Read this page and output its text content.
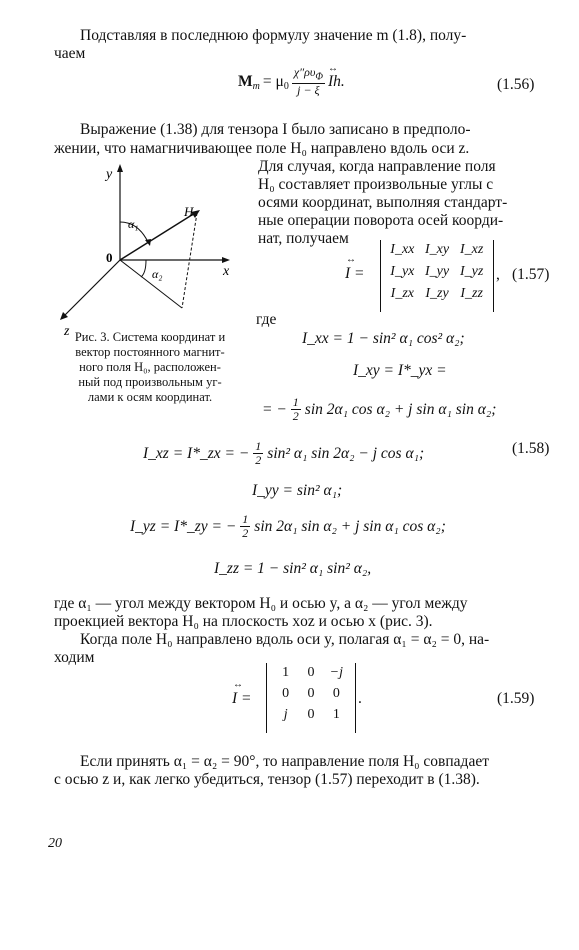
Подставляя в последнюю формулу значение m (1.8), полу-
чаем
$M_m = \mu_0 \frac{\chi''\rho\upsilon_\Phi}{j - \xi}$ ↔
Ih.	(1.56)
Выражение (1.38) для тензора I было записано в предполо-
жении, что намагничивающее поле H₀ направлено вдоль оси z.
Для случая, когда направление поля
H₀ составляет произвольные углы с
осями координат, выполняя стандарт-
ные операции поворота осей коорди-
нат, получаем
y
x
z
0
H
α₁
α₂
Рис. 3. Система координат и
вектор постоянного магнит-
ного поля H₀, расположен-
ный под произвольным уг-
лами к осям координат.
↔
I =
I_xx I_xy I_xz
I_yx I_yy I_yz
I_zx I_zy I_zz
, (1.57)
где
I_xx = 1 − sin² α₁ cos² α₂;
I_xy = I*_yx =
= − $\frac{1}{2}$ sin 2α₁ cos α₂ + j sin α₁ sin α₂;
I_xz = I*_zx = − $\frac{1}{2} \sin^2$ α₁ sin 2α₂ − j cos α₁;	(1.58)
I_yy = sin² α₁;
I_yz = I*_zy = − $\frac{1}{2}$ sin 2α₁ sin α₂ + j sin α₁ cos α₂;
I_zz = 1 − sin² α₁ sin² α₂,
где α₁ — угол между вектором H₀ и осью y, а α₂ — угол между
проекцией вектора H₀ на плоскость xoz и осью x (рис. 3).
Когда поле H₀ направлено вдоль оси y, полагая α₁ = α₂ = 0, на-
ходим
↔
I =
1	0	−j
0	0	0
j	0	1
.	(1.59)
Если принять α₁ = α₂ = 90°, то направление поля H₀ совпадает
с осью z и, как легко убедиться, тензор (1.57) переходит в (1.38).
20
